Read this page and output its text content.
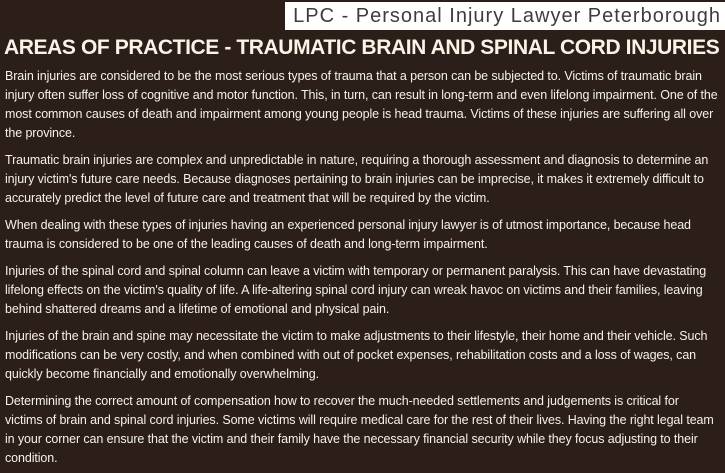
LPC - Personal Injury Lawyer Peterborough
AREAS OF PRACTICE - TRAUMATIC BRAIN AND SPINAL CORD INJURIES

Brain injuries are considered to be the most serious types of trauma that a person can be subjected to. Victims of traumatic brain injury often suffer loss of cognitive and motor function. This, in turn, can result in long-term and even lifelong impairment. One of the most common causes of death and impairment among young people is head trauma. Victims of these injuries are suffering all over the province.

Traumatic brain injuries are complex and unpredictable in nature, requiring a thorough assessment and diagnosis to determine an injury victim's future care needs. Because diagnoses pertaining to brain injuries can be imprecise, it makes it extremely difficult to accurately predict the level of future care and treatment that will be required by the victim.

When dealing with these types of injuries having an experienced personal injury lawyer is of utmost importance, because head trauma is considered to be one of the leading causes of death and long-term impairment.

Injuries of the spinal cord and spinal column can leave a victim with temporary or permanent paralysis. This can have devastating lifelong effects on the victim's quality of life. A life-altering spinal cord injury can wreak havoc on victims and their families, leaving behind shattered dreams and a lifetime of emotional and physical pain.

Injuries of the brain and spine may necessitate the victim to make adjustments to their lifestyle, their home and their vehicle. Such modifications can be very costly, and when combined with out of pocket expenses, rehabilitation costs and a loss of wages, can quickly become financially and emotionally overwhelming.

Determining the correct amount of compensation how to recover the much-needed settlements and judgements is critical for victims of brain and spinal cord injuries. Some victims will require medical care for the rest of their lives. Having the right legal team in your corner can ensure that the victim and their family have the necessary financial security while they focus adjusting to their condition.
